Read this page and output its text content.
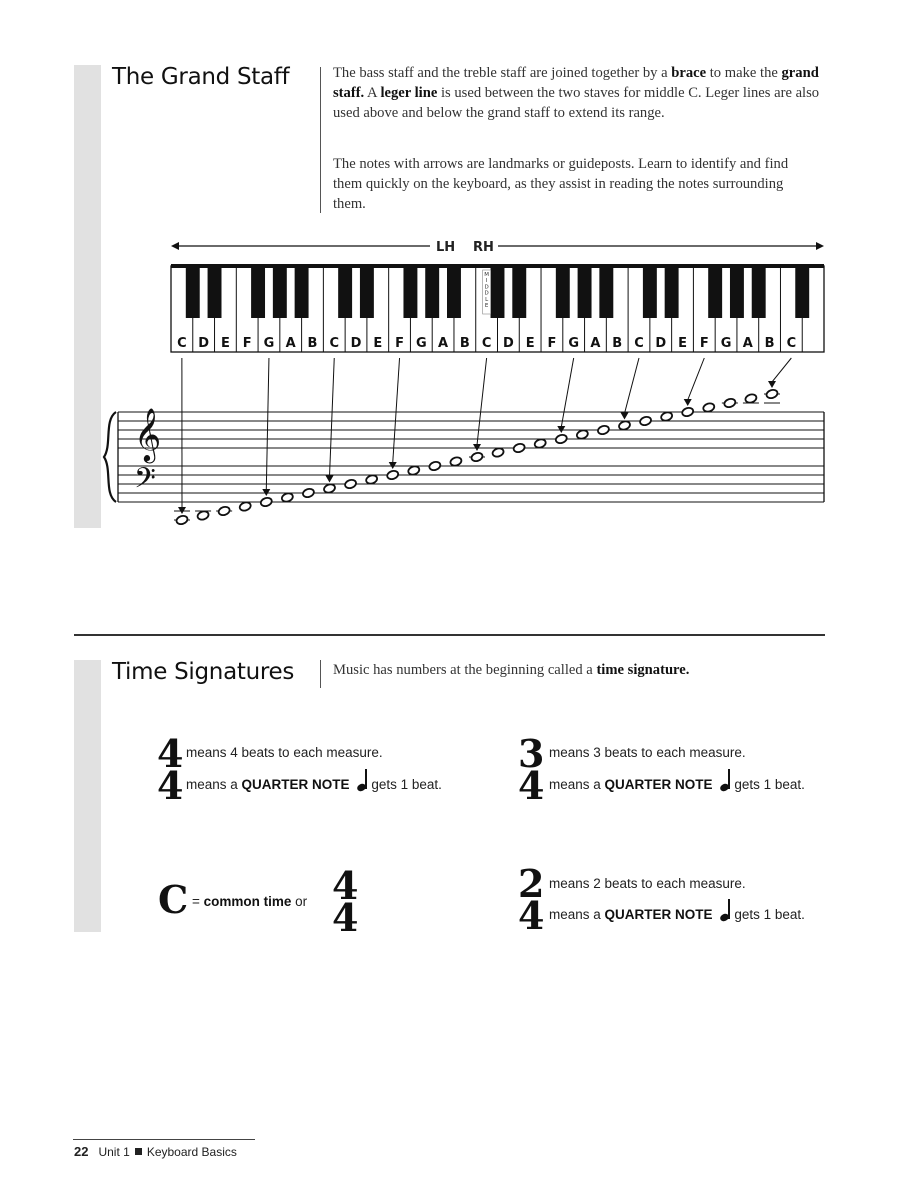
The Grand Staff	The bass staff and the treble staff are joined together by a brace to make the grand staff. A leger line is used between the two staves for middle C. Leger lines are also used above and below the grand staff to extend its range.
The notes with arrows are landmarks or guideposts. Learn to identify and find them quickly on the keyboard, as they assist in reading the notes surrounding them.
M I D D L E
C D E F G A B C D E F G A B C D E F G A B C D E F G A B C
𝄞
𝄢
LH RH
Time Signatures	Music has numbers at the beginning called a time signature.
4
4
means 4 beats to each measure.
means a QUARTER NOTE gets 1 beat.
3
4
means 3 beats to each measure.
means a QUARTER NOTE gets 1 beat.
C = common time or 4
4
2
4
means 2 beats to each measure.
means a QUARTER NOTE gets 1 beat.
22 Unit 1 Keyboard Basics
